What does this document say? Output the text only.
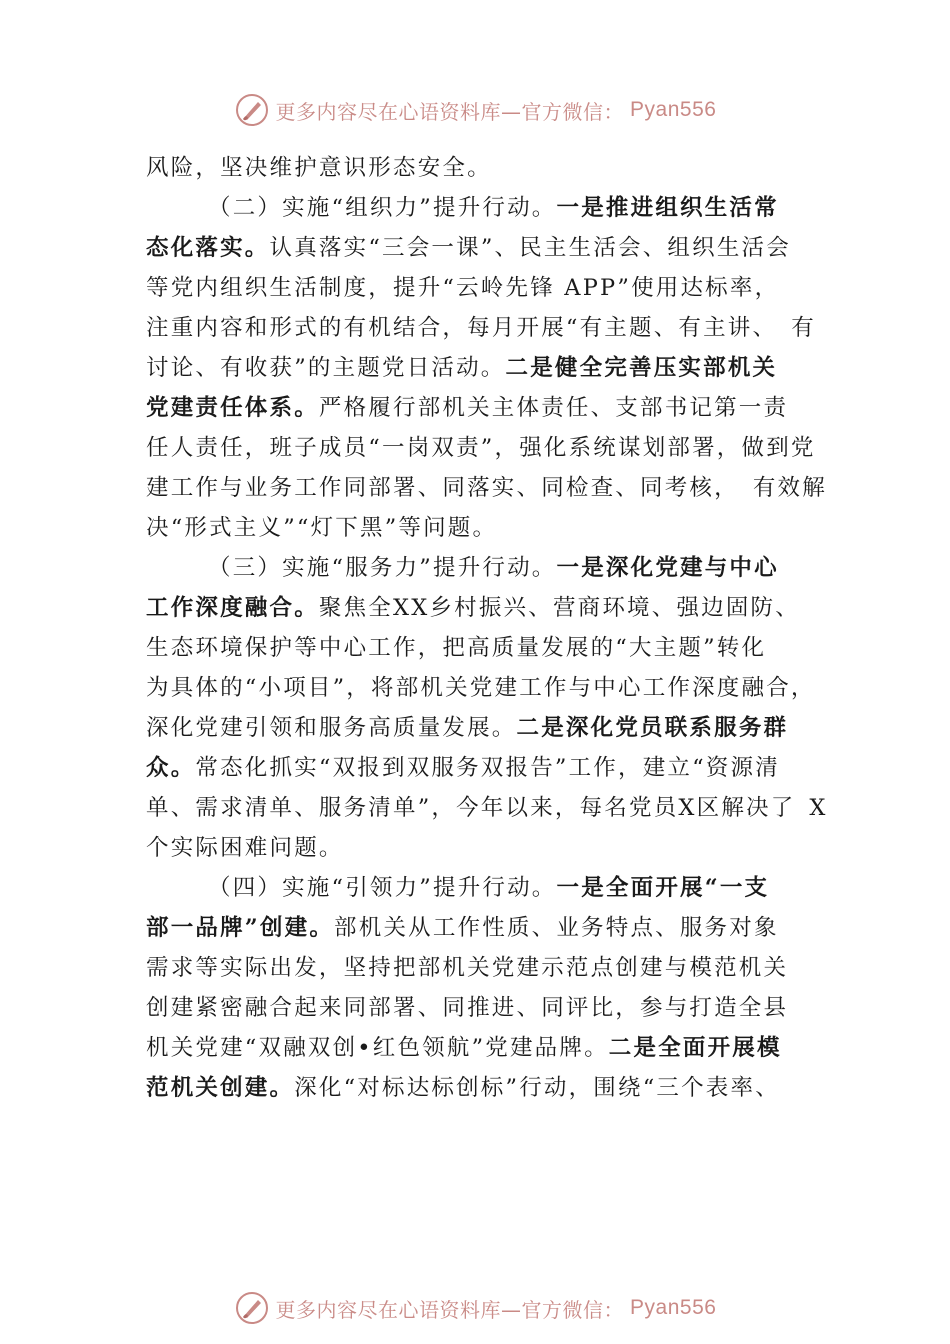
更多内容尽在心语资料库—官方微信： Pyan556
风险，坚决维护意识形态安全。
（二）实施“组织力”提升行动。一是推进组织生活常
态化落实。认真落实“三会一课”、民主生活会、组织生活会
等党内组织生活制度，提升“云岭先锋 APP”使用达标率，
注重内容和形式的有机结合，每月开展“有主题、有主讲、 有
讨论、有收获”的主题党日活动。二是健全完善压实部机关
党建责任体系。严格履行部机关主体责任、支部书记第一责
任人责任，班子成员“一岗双责”，强化系统谋划部署，做到党
建工作与业务工作同部署、同落实、同检查、同考核， 有效解
决“形式主义”“灯下黑”等问题。
（三）实施“服务力”提升行动。一是深化党建与中心
工作深度融合。聚焦全XX乡村振兴、营商环境、强边固防、
生态环境保护等中心工作，把高质量发展的“大主题”转化
为具体的“小项目”，将部机关党建工作与中心工作深度融合，
深化党建引领和服务高质量发展。二是深化党员联系服务群
众。常态化抓实“双报到双服务双报告”工作，建立“资源清
单、需求清单、服务清单”，今年以来，每名党员X区解决了 X
个实际困难问题。
（四）实施“引领力”提升行动。一是全面开展“一支
部一品牌”创建。部机关从工作性质、业务特点、服务对象
需求等实际出发，坚持把部机关党建示范点创建与模范机关
创建紧密融合起来同部署、同推进、同评比，参与打造全县
机关党建“双融双创•红色领航”党建品牌。二是全面开展模
范机关创建。深化“对标达标创标”行动，围绕“三个表率、
更多内容尽在心语资料库—官方微信： Pyan556
